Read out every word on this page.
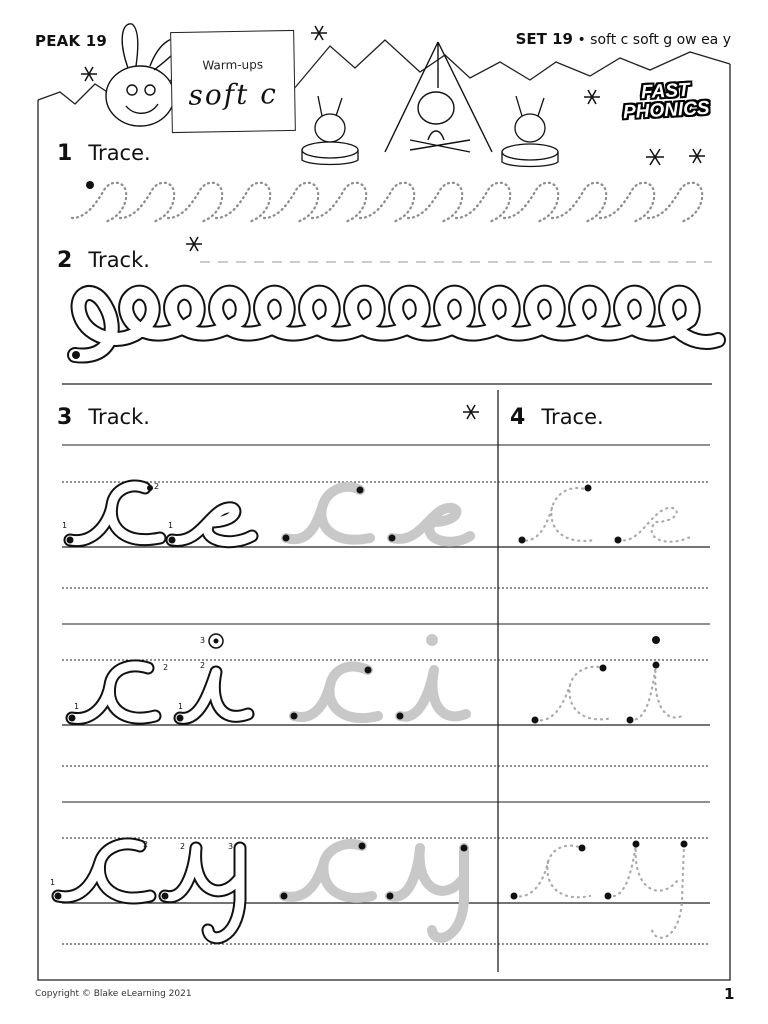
PEAK 19	SET 19 • soft c soft g ow ea y
Warm-ups
soft c	FAST
PHONICS
1 Trace.
2 Track.
3 Track.	4 Trace.
1
2
1
1
2
1
2
3
1
2	2	3
Copyright © Blake eLearning 2021	1
